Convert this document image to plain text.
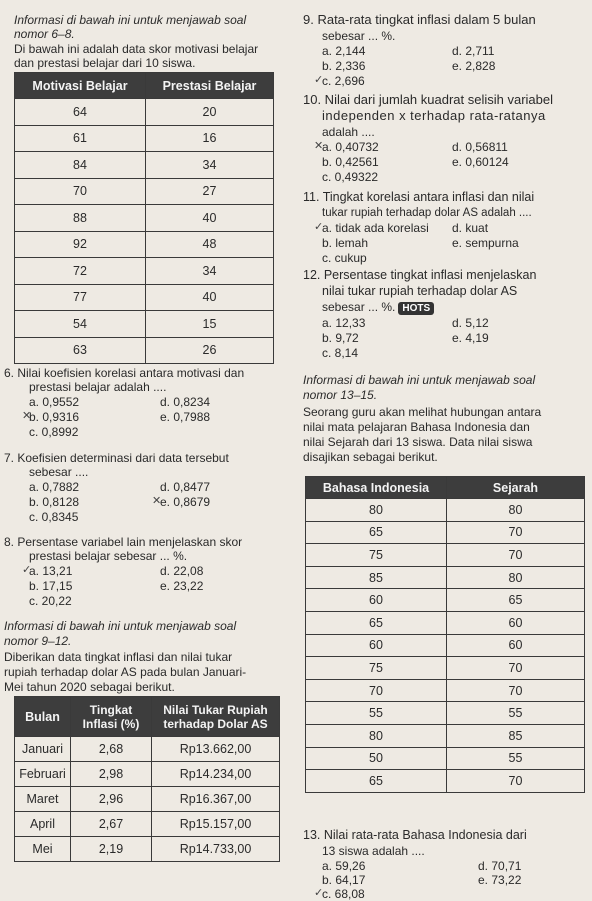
Informasi di bawah ini untuk menjawab soal
nomor 6–8.
Di bawah ini adalah data skor motivasi belajar
dan prestasi belajar dari 10 siswa.
Motivasi Belajar	Prestasi Belajar
64	20
61	16
84	34
70	27
88	40
92	48
72	34
77	40
54	15
63	26
6. Nilai koefisien korelasi antara motivasi dan
prestasi belajar adalah ....
a. 0,9552
b. 0,9316
c. 0,8992
d. 0,8234
e. 0,7988
7. Koefisien determinasi dari data tersebut
sebesar ....
a. 0,7882
b. 0,8128
c. 0,8345
d. 0,8477
e. 0,8679
8. Persentase variabel lain menjelaskan skor
prestasi belajar sebesar ... %.
a. 13,21
b. 17,15
c. 20,22
d. 22,08
e. 23,22
Informasi di bawah ini untuk menjawab soal
nomor 9–12.
Diberikan data tingkat inflasi dan nilai tukar
rupiah terhadap dolar AS pada bulan Januari-
Mei tahun 2020 sebagai berikut.
Bulan	Tingkat Inflasi (%)	Nilai Tukar Rupiah terhadap Dolar AS
Januari	2,68	Rp13.662,00
Februari	2,98	Rp14.234,00
Maret	2,96	Rp16.367,00
April	2,67	Rp15.157,00
Mei	2,19	Rp14.733,00
9. Rata-rata tingkat inflasi dalam 5 bulan
sebesar ... %.
a. 2,144
b. 2,336
c. 2,696
d. 2,711
e. 2,828
10. Nilai dari jumlah kuadrat selisih variabel
independen x terhadap rata-ratanya
adalah ....
a. 0,40732
b. 0,42561
c. 0,49322
d. 0,56811
e. 0,60124
11. Tingkat korelasi antara inflasi dan nilai
tukar rupiah terhadap dolar AS adalah ....
a. tidak ada korelasi
b. lemah
c. cukup
d. kuat
e. sempurna
12. Persentase tingkat inflasi menjelaskan
nilai tukar rupiah terhadap dolar AS
sebesar ... %. HOTS
a. 12,33
b. 9,72
c. 8,14
d. 5,12
e. 4,19
Informasi di bawah ini untuk menjawab soal
nomor 13–15.
Seorang guru akan melihat hubungan antara
nilai mata pelajaran Bahasa Indonesia dan
nilai Sejarah dari 13 siswa. Data nilai siswa
disajikan sebagai berikut.
Bahasa Indonesia	Sejarah
80	80
65	70
75	70
85	80
60	65
65	60
60	60
75	70
70	70
55	55
80	85
50	55
65	70
13. Nilai rata-rata Bahasa Indonesia dari
13 siswa adalah ....
a. 59,26
b. 64,17
c. 68,08
d. 70,71
e. 73,22
✕
✕
✓
✓
✕
✓
✓
